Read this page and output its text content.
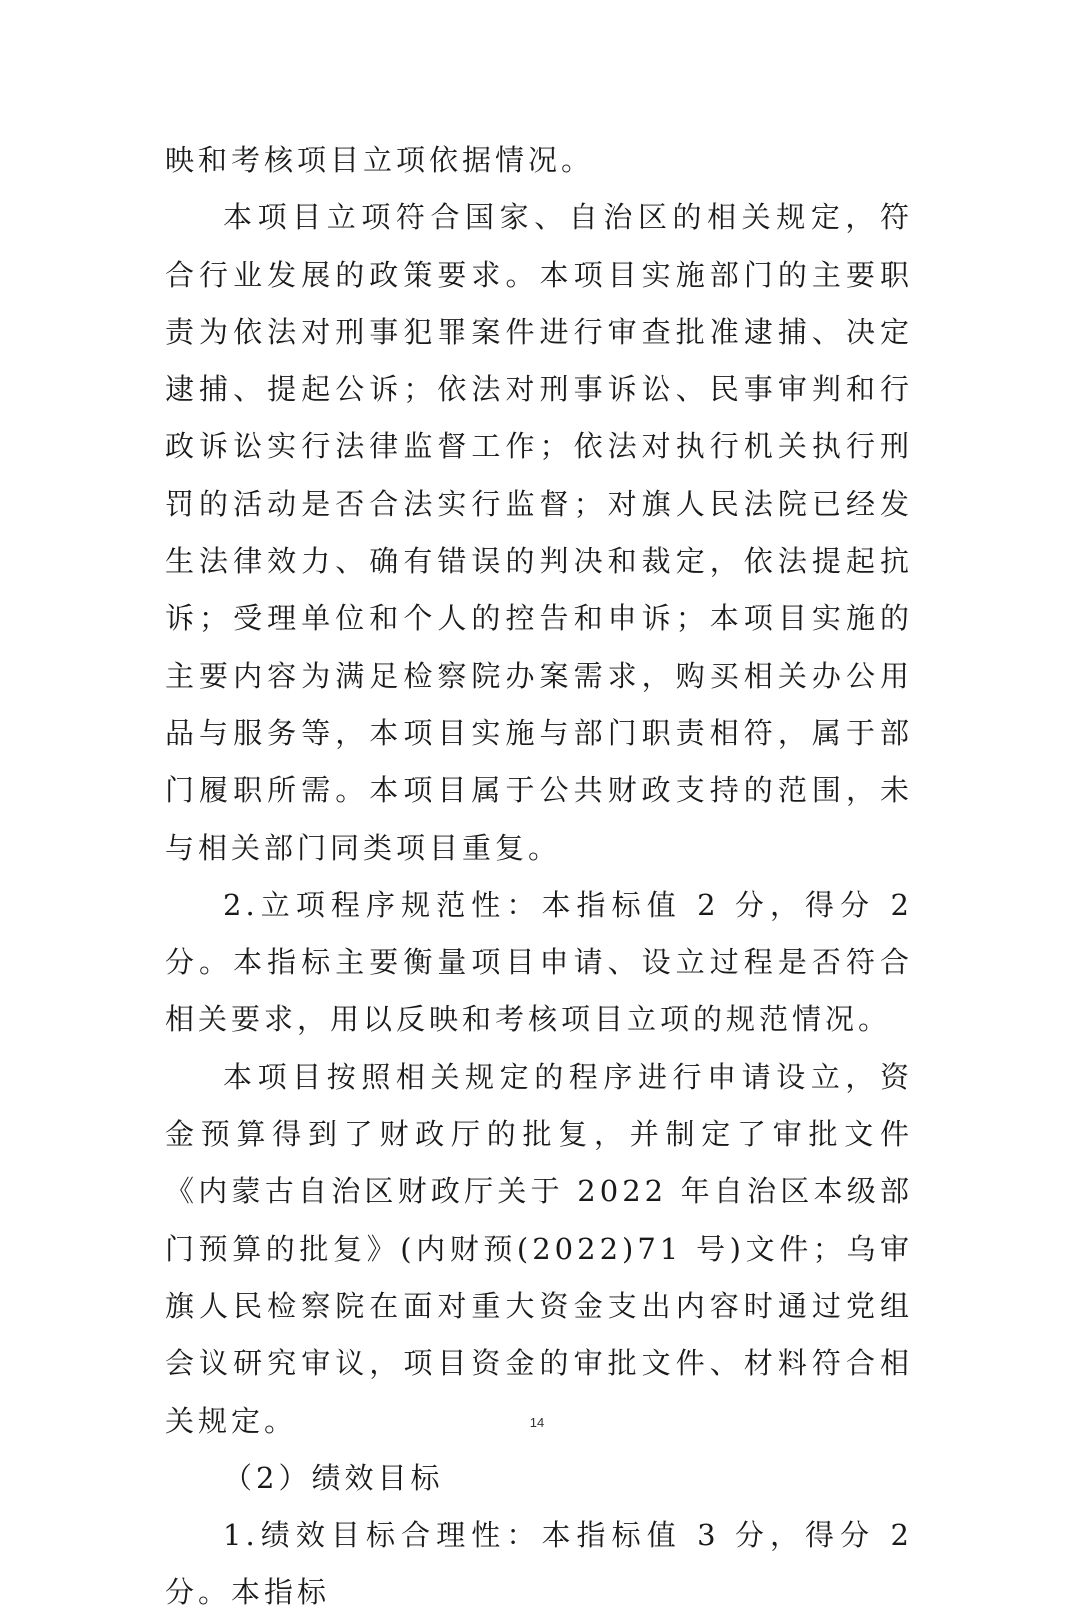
映和考核项目立项依据情况。

本项目立项符合国家、自治区的相关规定，符合行业发展的政策要求。本项目实施部门的主要职责为依法对刑事犯罪案件进行审查批准逮捕、决定逮捕、提起公诉；依法对刑事诉讼、民事审判和行政诉讼实行法律监督工作；依法对执行机关执行刑罚的活动是否合法实行监督；对旗人民法院已经发生法律效力、确有错误的判决和裁定，依法提起抗诉；受理单位和个人的控告和申诉；本项目实施的主要内容为满足检察院办案需求，购买相关办公用品与服务等，本项目实施与部门职责相符，属于部门履职所需。本项目属于公共财政支持的范围，未与相关部门同类项目重复。

2.立项程序规范性：本指标值 2 分，得分 2 分。本指标主要衡量项目申请、设立过程是否符合相关要求，用以反映和考核项目立项的规范情况。

本项目按照相关规定的程序进行申请设立，资金预算得到了财政厅的批复，并制定了审批文件《内蒙古自治区财政厅关于 2022 年自治区本级部门预算的批复》(内财预(2022)71 号)文件；乌审旗人民检察院在面对重大资金支出内容时通过党组会议研究审议，项目资金的审批文件、材料符合相关规定。

（2）绩效目标

1.绩效目标合理性：本指标值 3 分，得分 2 分。本指标

14
